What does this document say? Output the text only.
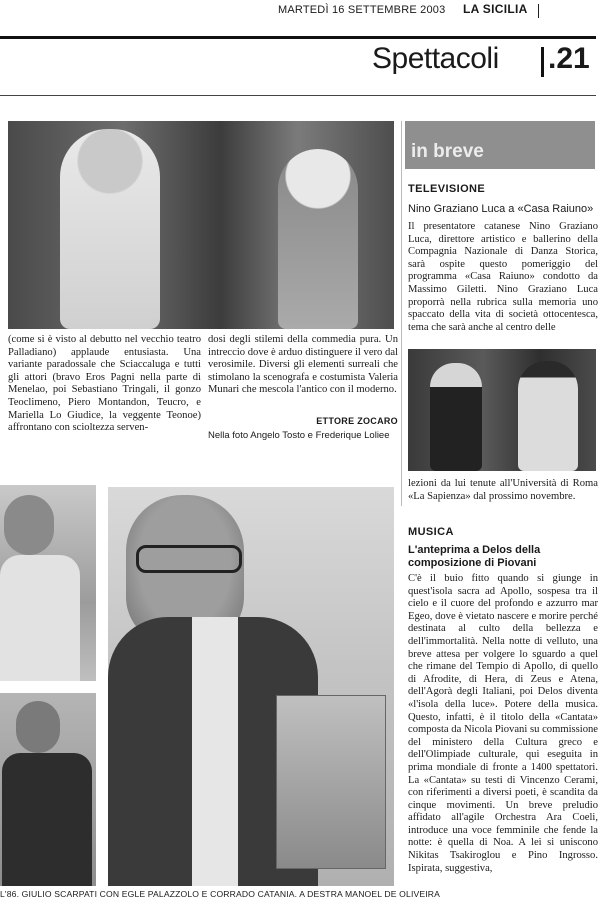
MARTEDÌ 16 SETTEMBRE 2003 LA SICILIA
Spettacoli .21

(come si è visto al debutto nel vecchio teatro Palladiano) applaude entusiasta. Una variante paradossale che Sciaccaluga e tutti gli attori (bravo Eros Pagni nella parte di Menelao, poi Sebastiano Tringali, il gonzo Teoclimeno, Piero Montandon, Teucro, e Mariella Lo Giudice, la veggente Teonoe) affrontano con scioltezza serven-

dosi degli stilemi della commedia pura. Un intreccio dove è arduo distinguere il vero dal verosimile. Diversi gli elementi surreali che stimolano la scenografa e costumista Valeria Munari che mescola l'antico con il moderno.

ETTORE ZOCARO
Nella foto Angelo Tosto e Frederique Loliee
in breve
TELEVISIONE
Nino Graziano Luca a «Casa Raiuno»

Il presentatore catanese Nino Graziano Luca, direttore artistico e ballerino della Compagnia Nazionale di Danza Storica, sarà ospite questo pomeriggio del programma «Casa Raiuno» condotto da Massimo Giletti. Nino Graziano Luca proporrà nella rubrica sulla memoria uno spaccato della vita di società ottocentesca, tema che sarà anche al centro delle

lezioni da lui tenute all'Università di Roma «La Sapienza» dal prossimo novembre.

MUSICA
L'anteprima a Delos della composizione di Piovani

C'è il buio fitto quando si giunge in quest'isola sacra ad Apollo, sospesa tra il cielo e il cuore del profondo e azzurro mar Egeo, dove è vietato nascere e morire perché destinata al culto della bellezza e dell'immortalità. Nella notte di velluto, una breve attesa per volgere lo sguardo a quel che rimane del Tempio di Apollo, di quello di Afrodite, di Hera, di Zeus e Atena, dell'Agorà degli Italiani, poi Delos diventa «l'isola della luce». Potere della musica. Questo, infatti, è il titolo della «Cantata» composta da Nicola Piovani su commissione del ministero della Cultura greco e dell'Olimpiade culturale, qui eseguita in prima mondiale di fronte a 1400 spettatori. La «Cantata» su testi di Vincenzo Cerami, con riferimenti a diversi poeti, è scandita da cinque movimenti. Un breve preludio affidato all'agile Orchestra Ara Coeli, introduce una voce femminile che fende la notte: è quella di Noa. A lei si uniscono Nikitas Tsakiroglou e Pino Ingrosso. Ispirata, suggestiva,

L'86. GIULIO SCARPATI CON EGLE PALAZZOLO E CORRADO CATANIA. A DESTRA MANOEL DE OLIVEIRA
